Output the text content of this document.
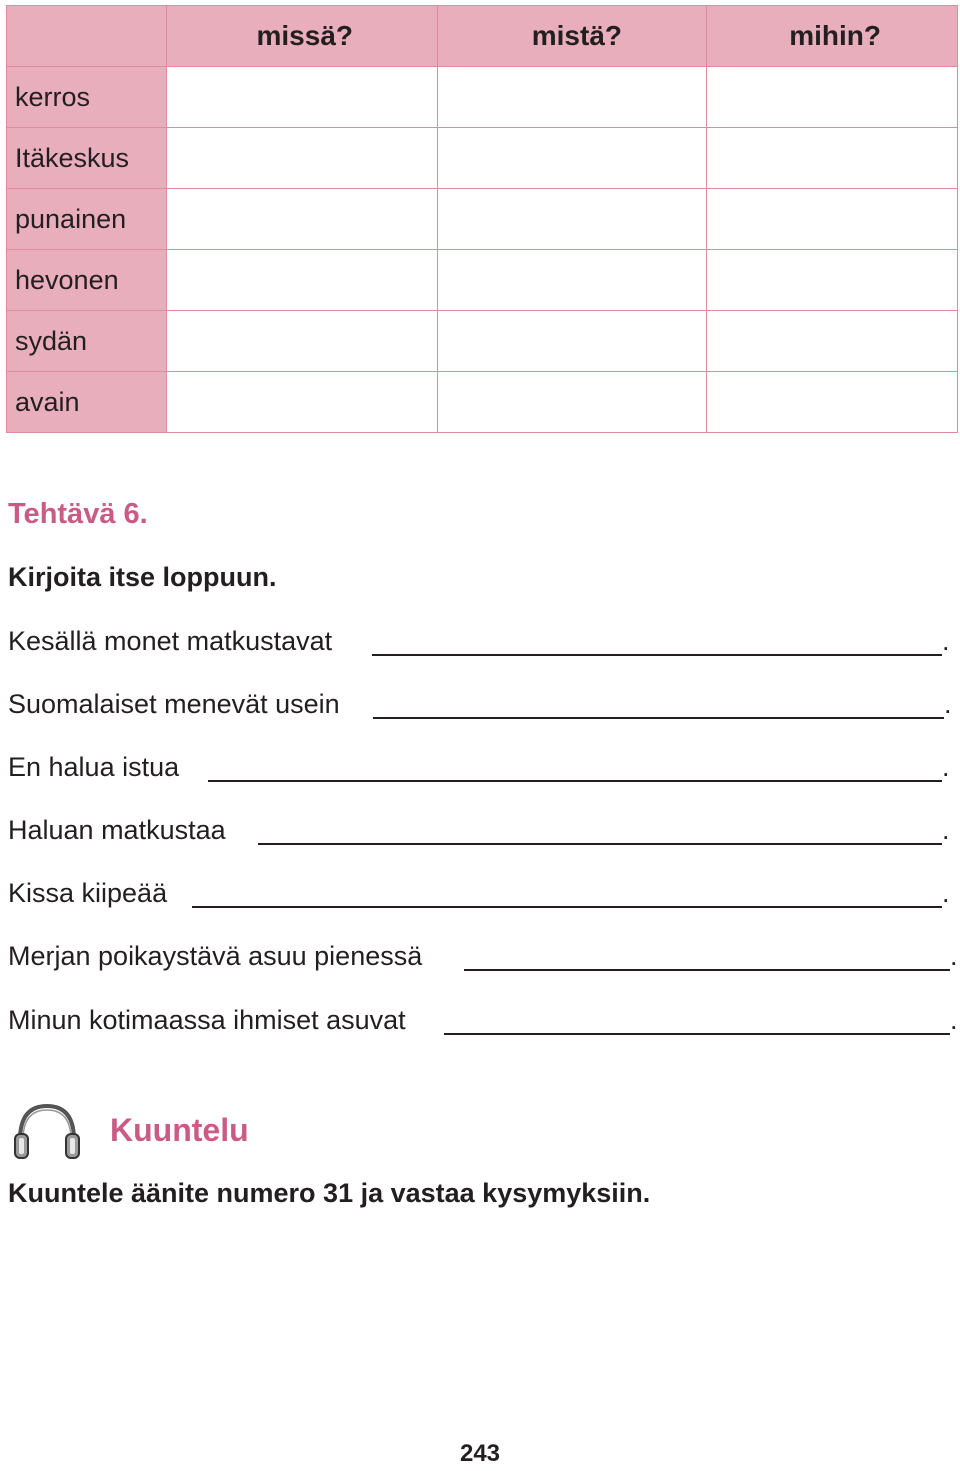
	missä?	mistä?	mihin?
kerros			
Itäkeskus			
punainen			
hevonen			
sydän			
avain			
Tehtävä 6.

Kirjoita itse loppuun.

Kesällä monet matkustavat	.
Suomalaiset menevät usein	.
En halua istua	.
Haluan matkustaa	.
Kissa kiipeää	.
Merjan poikaystävä asuu pienessä	.
Minun kotimaassa ihmiset asuvat	.
Kuuntelu

Kuuntele äänite numero 31 ja vastaa kysymyksiin.

243
